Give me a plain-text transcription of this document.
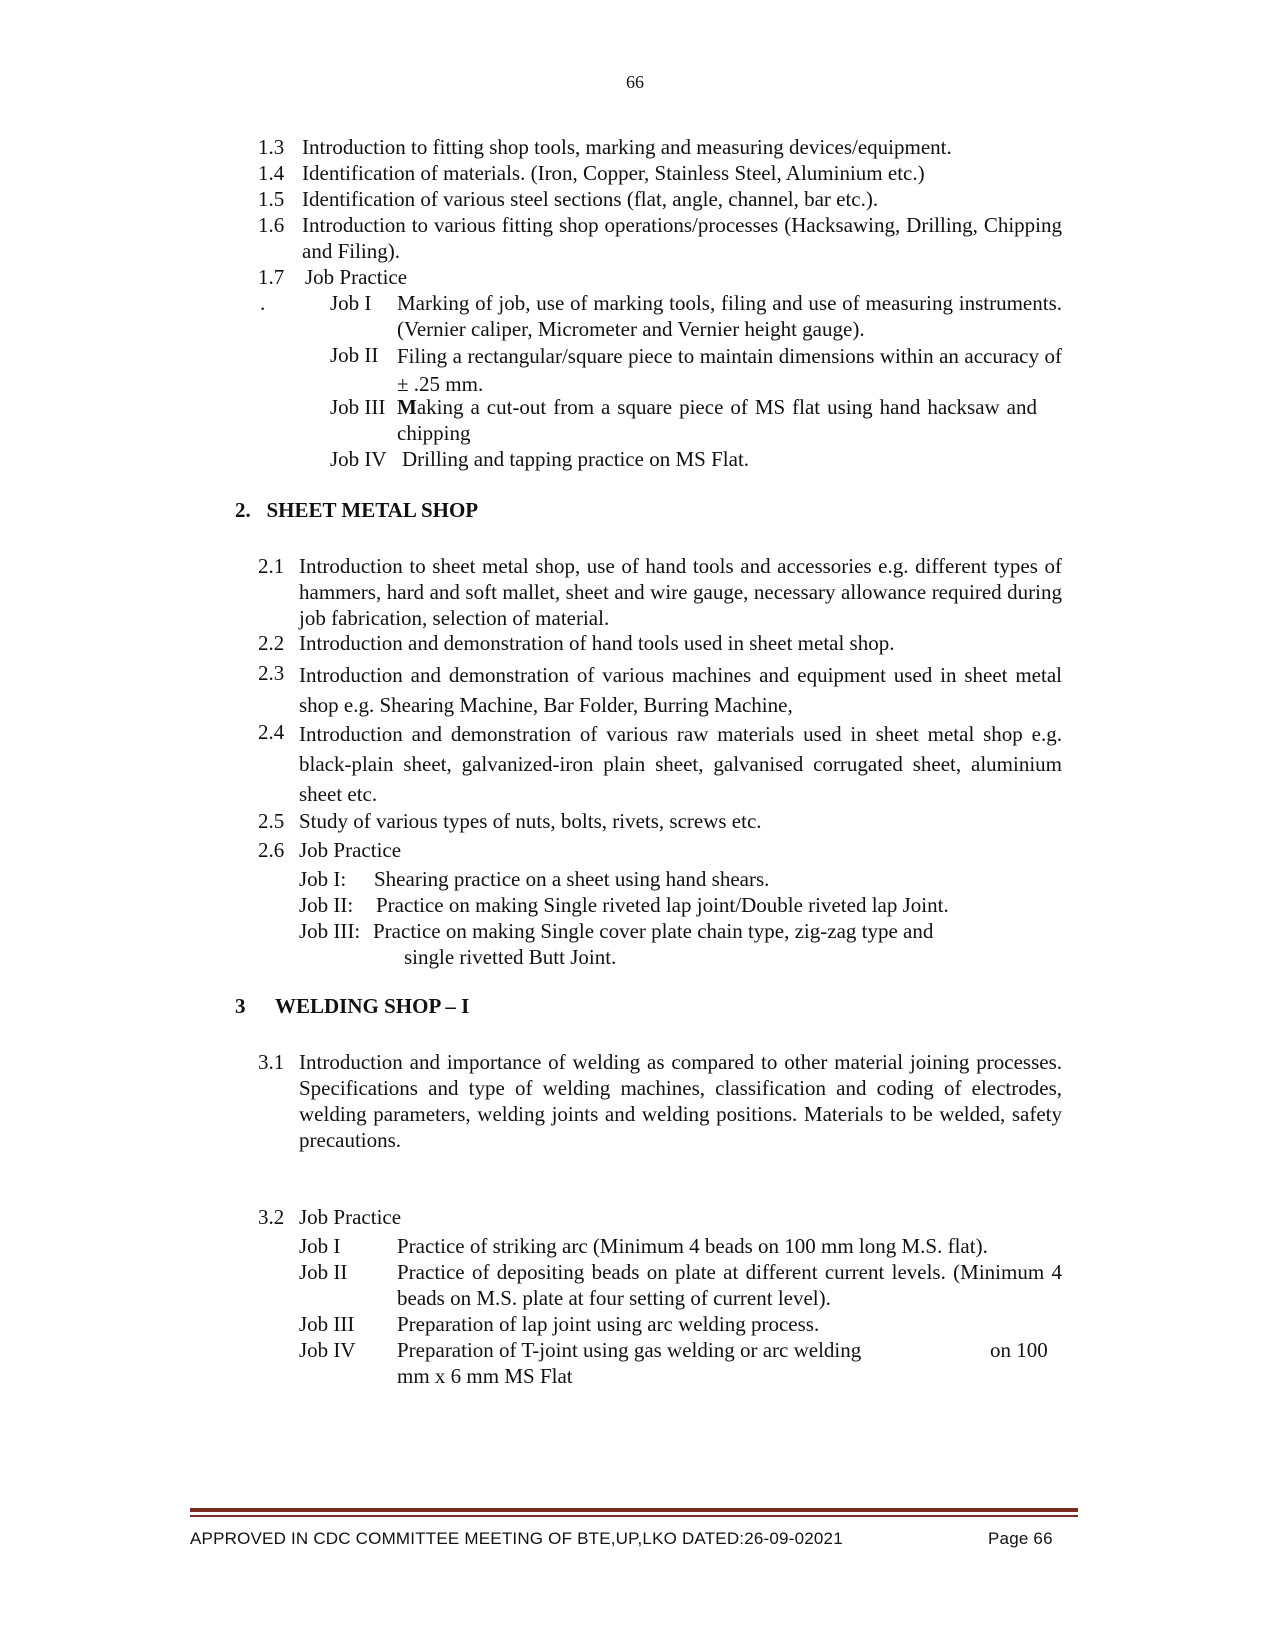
66
1.3 Introduction to fitting shop tools, marking and measuring devices/equipment.
1.4 Identification of materials. (Iron, Copper, Stainless Steel, Aluminium etc.)
1.5 Identification of various steel sections (flat, angle, channel, bar etc.).
1.6 Introduction to various fitting shop operations/processes (Hacksawing, Drilling, Chipping and Filing).
1.7 Job Practice
.	Job I Marking of job, use of marking tools, filing and use of measuring instruments. (Vernier caliper, Micrometer and Vernier height gauge).
Job II Filing a rectangular/square piece to maintain dimensions within an accuracy of ± .25 mm.
Job III Making a cut-out from a square piece of MS flat using hand hacksaw and chipping
Job IV Drilling and tapping practice on MS Flat.
2.   SHEET METAL SHOP
2.1 Introduction to sheet metal shop, use of hand tools and accessories e.g. different types of hammers, hard and soft mallet, sheet and wire gauge, necessary allowance required during job fabrication, selection of material.
2.2 Introduction and demonstration of hand tools used in sheet metal shop.
2.3 Introduction and demonstration of various machines and equipment used in sheet metal shop e.g. Shearing Machine, Bar Folder, Burring Machine,
2.4 Introduction and demonstration of various raw materials used in sheet metal shop e.g. black-plain sheet, galvanized-iron plain sheet, galvanised corrugated sheet, aluminium sheet etc.
2.5 Study of various types of nuts, bolts, rivets, screws etc.
2.6 Job Practice
Job I: Shearing practice on a sheet using hand shears.
Job II: Practice on making Single riveted lap joint/Double riveted lap Joint.
Job III: Practice on making Single cover plate chain type, zig-zag type and
single rivetted Butt Joint.
3 WELDING SHOP – I
3.1 Introduction and importance of welding as compared to other material joining processes. Specifications and type of welding machines, classification and coding of electrodes, welding parameters, welding joints and welding positions. Materials to be welded, safety precautions.
3.2 Job Practice
Job I	Practice of striking arc (Minimum 4 beads on 100 mm long M.S. flat).
Job II Practice of depositing beads on plate at different current levels. (Minimum 4 beads on M.S. plate at four setting of current level).
Job III Preparation of lap joint using arc welding process.
Job IV Preparation of T-joint using gas welding or arc welding	on 100
mm x 6 mm MS Flat
APPROVED IN CDC COMMITTEE MEETING OF BTE,UP,LKO DATED:26-09-02021	Page 66
